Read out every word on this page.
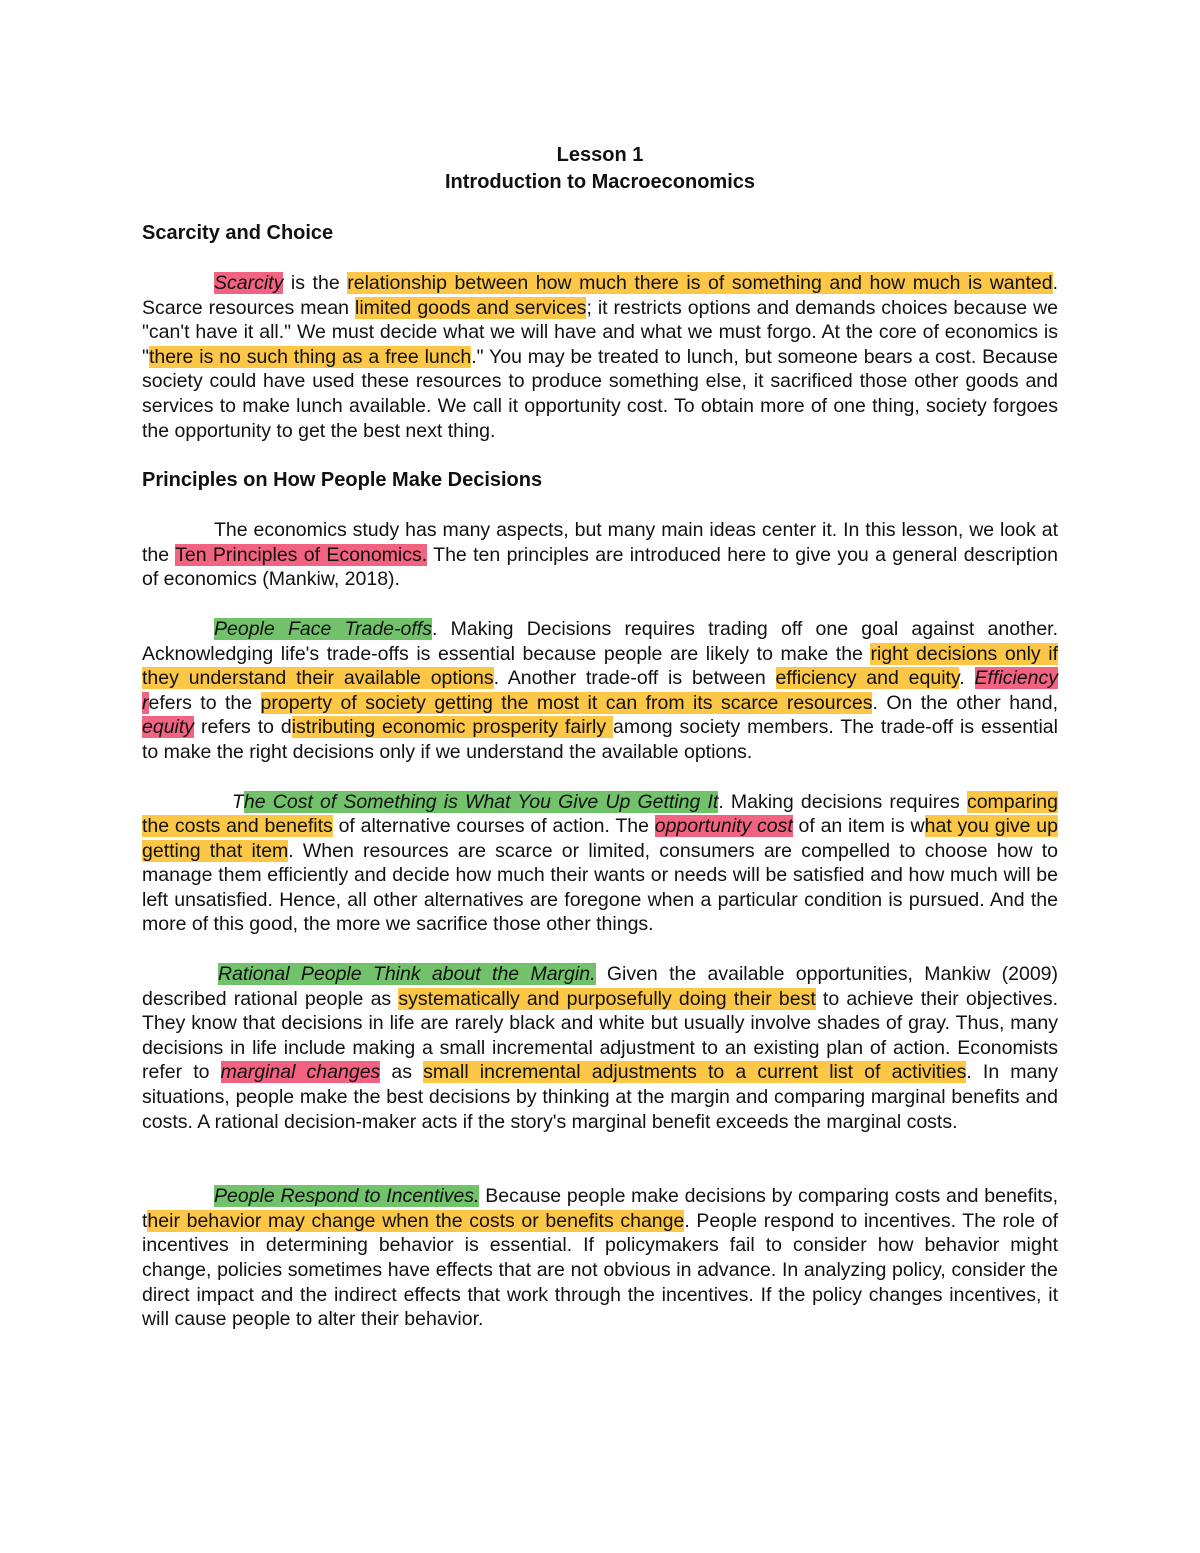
Lesson 1
Introduction to Macroeconomics
Scarcity and Choice

Scarcity is the relationship between how much there is of something and how much is wanted. Scarce resources mean limited goods and services; it restricts options and demands choices because we "can't have it all." We must decide what we will have and what we must forgo. At the core of economics is "there is no such thing as a free lunch." You may be treated to lunch, but someone bears a cost. Because society could have used these resources to produce something else, it sacrificed those other goods and services to make lunch available. We call it opportunity cost. To obtain more of one thing, society forgoes the opportunity to get the best next thing.

Principles on How People Make Decisions

The economics study has many aspects, but many main ideas center it. In this lesson, we look at the Ten Principles of Economics. The ten principles are introduced here to give you a general description of economics (Mankiw, 2018).

People Face Trade-offs. Making Decisions requires trading off one goal against another. Acknowledging life's trade-offs is essential because people are likely to make the right decisions only if they understand their available options. Another trade-off is between efficiency and equity. Efficiency refers to the property of society getting the most it can from its scarce resources. On the other hand, equity refers to distributing economic prosperity fairly among society members. The trade-off is essential to make the right decisions only if we understand the available options.

The Cost of Something is What You Give Up Getting It. Making decisions requires comparing the costs and benefits of alternative courses of action. The opportunity cost of an item is what you give up getting that item. When resources are scarce or limited, consumers are compelled to choose how to manage them efficiently and decide how much their wants or needs will be satisfied and how much will be left unsatisfied. Hence, all other alternatives are foregone when a particular condition is pursued. And the more of this good, the more we sacrifice those other things.

Rational People Think about the Margin. Given the available opportunities, Mankiw (2009) described rational people as systematically and purposefully doing their best to achieve their objectives. They know that decisions in life are rarely black and white but usually involve shades of gray. Thus, many decisions in life include making a small incremental adjustment to an existing plan of action. Economists refer to marginal changes as small incremental adjustments to a current list of activities. In many situations, people make the best decisions by thinking at the margin and comparing marginal benefits and costs. A rational decision-maker acts if the story's marginal benefit exceeds the marginal costs.

People Respond to Incentives. Because people make decisions by comparing costs and benefits, their behavior may change when the costs or benefits change. People respond to incentives. The role of incentives in determining behavior is essential. If policymakers fail to consider how behavior might change, policies sometimes have effects that are not obvious in advance. In analyzing policy, consider the direct impact and the indirect effects that work through the incentives. If the policy changes incentives, it will cause people to alter their behavior.
